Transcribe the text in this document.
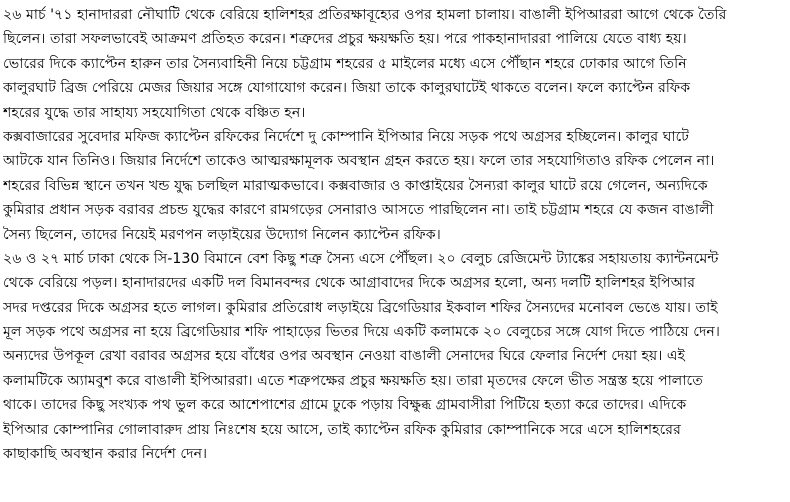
২৬ মার্চ '৭১ হানাদাররা নৌঘাটি থেকে বেরিয়ে হালিশহর প্রতিরক্ষাবূহ্যের ওপর হামলা চালায়। বাঙালী ইপিআররা আগে থেকে তৈরি
ছিলেন। তারা সফলভাবেই আক্রমণ প্রতিহত করেন। শত্রুদের প্রচুর ক্ষয়ক্ষতি হয়। পরে পাকহানাদাররা পালিয়ে যেতে বাধ্য হয়।
ভোরের দিকে ক্যাপ্টেন হারুন তার সৈন্যবাহিনী নিয়ে চট্টগ্রাম শহরের ৫ মাইলের মধ্যে এসে পৌঁছান শহরে ঢোকার আগে তিনি
কালুরঘাট ব্রিজ পেরিয়ে মেজর জিয়ার সঙ্গে যোগাযোগ করেন। জিয়া তাকে কালুরঘাটেই থাকতে বলেন। ফলে ক্যাপ্টেন রফিক
শহরের যুদ্ধে তার সাহায্য সহযোগিতা থেকে বঞ্চিত হন।
কক্সবাজারের সুবেদার মফিজ ক্যাপ্টেন রফিকের নির্দেশে দু কোম্পানি ইপিআর নিয়ে সড়ক পথে অগ্রসর হচ্ছিলেন। কালুর ঘাটে
আটকে যান তিনিও। জিয়ার নির্দেশে তাকেও আত্মরক্ষামূলক অবস্থান গ্রহন করতে হয়। ফলে তার সহযোগিতাও রফিক পেলেন না।
শহরের বিভিন্ন স্থানে তখন খন্ড যুদ্ধ চলছিল মারাত্মকভাবে। কক্সবাজার ও কাপ্তাইয়ের সৈন্যরা কালুর ঘাটে রয়ে গেলেন, অন্যদিকে
কুমিরার প্রধান সড়ক বরাবর প্রচন্ড যুদ্ধের কারণে রামগড়ের সেনারাও আসতে পারছিলেন না। তাই চট্টগ্রাম শহরে যে কজন বাঙালী
সৈন্য ছিলেন, তাদের নিয়েই মরণপন লড়াইয়ের উদ্যোগ নিলেন ক্যাপ্টেন রফিক।
২৬ ও ২৭ মার্চ ঢাকা থেকে সি-130 বিমানে বেশ কিছু শত্রু সৈন্য এসে পৌঁছল। ২০ বেলুচ রেজিমেন্ট ট্যাঙ্কের সহায়তায় ক্যান্টনমেন্ট
থেকে বেরিয়ে পড়ল। হানাদারদের একটি দল বিমানবন্দর থেকে আগ্রাবাদের দিকে অগ্রসর হলো, অন্য দলটি হালিশহর ইপিআর
সদর দপ্তরের দিকে অগ্রসর হতে লাগল। কুমিরার প্রতিরোধ লড়াইয়ে ব্রিগেডিয়ার ইকবাল শফির সৈন্যদের মনোবল ভেঙে যায়। তাই
মূল সড়ক পথে অগ্রসর না হয়ে ব্রিগেডিয়ার শফি পাহাড়ের ভিতর দিয়ে একটি কলামকে ২০ বেলুচের সঙ্গে যোগ দিতে পাঠিয়ে দেন।
অন্যদের উপকূল রেখা বরাবর অগ্রসর হয়ে বাঁধের ওপর অবস্থান নেওয়া বাঙালী সেনাদের ঘিরে ফেলার নির্দেশ দেয়া হয়। এই
কলামটিকে অ্যামবুশ করে বাঙালী ইপিআররা। এতে শত্রুপক্ষের প্রচুর ক্ষয়ক্ষতি হয়। তারা মৃতদের ফেলে ভীত সন্ত্রস্ত হয়ে পালাতে
থাকে। তাদের কিছু সংখ্যক পথ ভুল করে আশেপাশের গ্রামে ঢুকে পড়ায় বিক্ষুব্ধ গ্রামবাসীরা পিটিয়ে হত্যা করে তাদের। এদিকে
ইপিআর কোম্পানির গোলাবারুদ প্রায় নিঃশেষ হয়ে আসে, তাই ক্যাপ্টেন রফিক কুমিরার কোম্পানিকে সরে এসে হালিশহরের
কাছাকাছি অবস্থান করার নির্দেশ দেন।
